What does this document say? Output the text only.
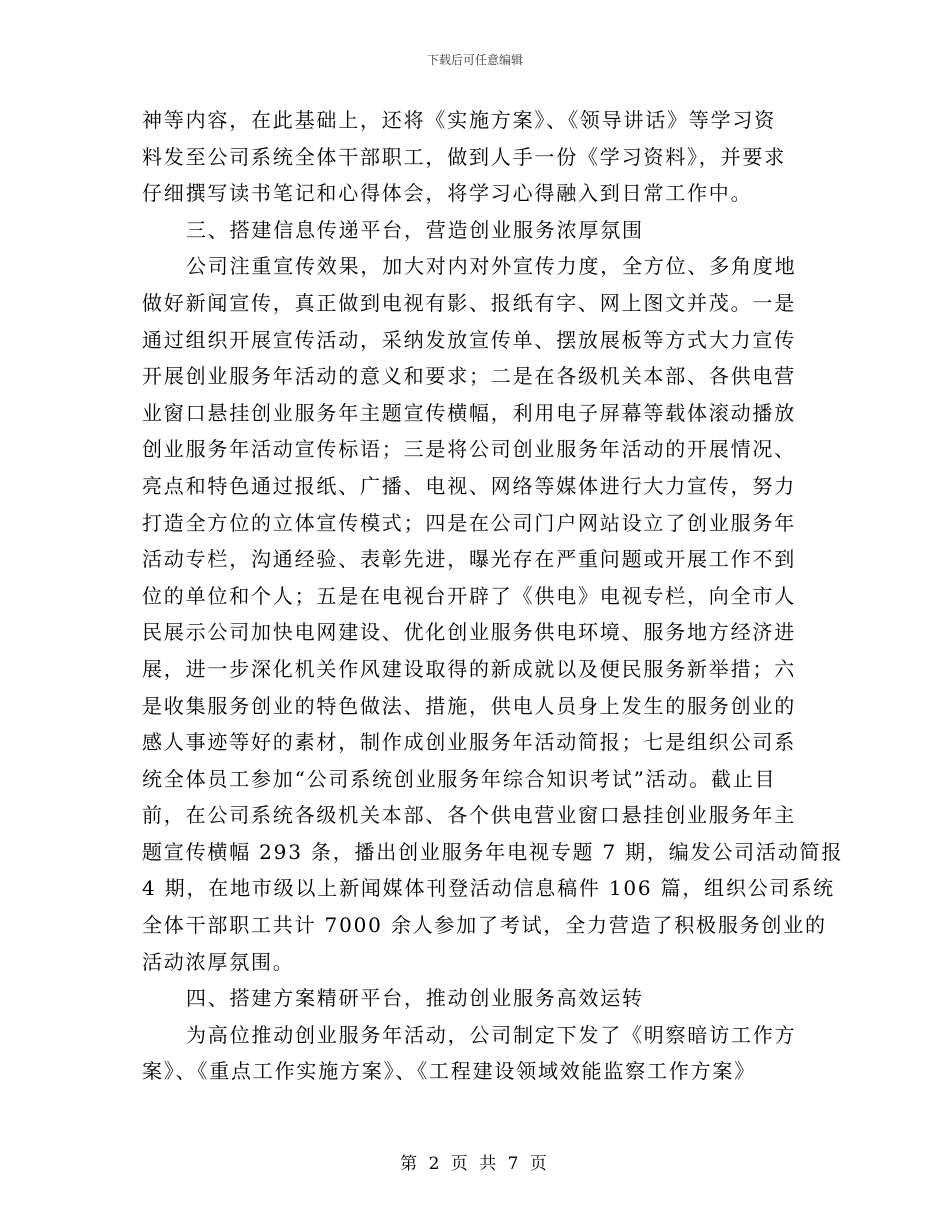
下载后可任意编辑
神等内容，在此基础上，还将《实施方案》、《领导讲话》等学习资
料发至公司系统全体干部职工，做到人手一份《学习资料》，并要求
仔细撰写读书笔记和心得体会，将学习心得融入到日常工作中。
三、搭建信息传递平台，营造创业服务浓厚氛围
公司注重宣传效果，加大对内对外宣传力度，全方位、多角度地
做好新闻宣传，真正做到电视有影、报纸有字、网上图文并茂。一是
通过组织开展宣传活动，采纳发放宣传单、摆放展板等方式大力宣传
开展创业服务年活动的意义和要求；二是在各级机关本部、各供电营
业窗口悬挂创业服务年主题宣传横幅，利用电子屏幕等载体滚动播放
创业服务年活动宣传标语；三是将公司创业服务年活动的开展情况、
亮点和特色通过报纸、广播、电视、网络等媒体进行大力宣传，努力
打造全方位的立体宣传模式；四是在公司门户网站设立了创业服务年
活动专栏，沟通经验、表彰先进，曝光存在严重问题或开展工作不到
位的单位和个人；五是在电视台开辟了《供电》电视专栏，向全市人
民展示公司加快电网建设、优化创业服务供电环境、服务地方经济进
展，进一步深化机关作风建设取得的新成就以及便民服务新举措；六
是收集服务创业的特色做法、措施，供电人员身上发生的服务创业的
感人事迹等好的素材，制作成创业服务年活动简报；七是组织公司系
统全体员工参加“公司系统创业服务年综合知识考试”活动。截止目
前，在公司系统各级机关本部、各个供电营业窗口悬挂创业服务年主
题宣传横幅 293 条，播出创业服务年电视专题 7 期，编发公司活动简报
4 期，在地市级以上新闻媒体刊登活动信息稿件 106 篇，组织公司系统
全体干部职工共计 7000 余人参加了考试，全力营造了积极服务创业的
活动浓厚氛围。
四、搭建方案精研平台，推动创业服务高效运转
为高位推动创业服务年活动，公司制定下发了《明察暗访工作方
案》、《重点工作实施方案》、《工程建设领域效能监察工作方案》
第 2 页 共 7 页
